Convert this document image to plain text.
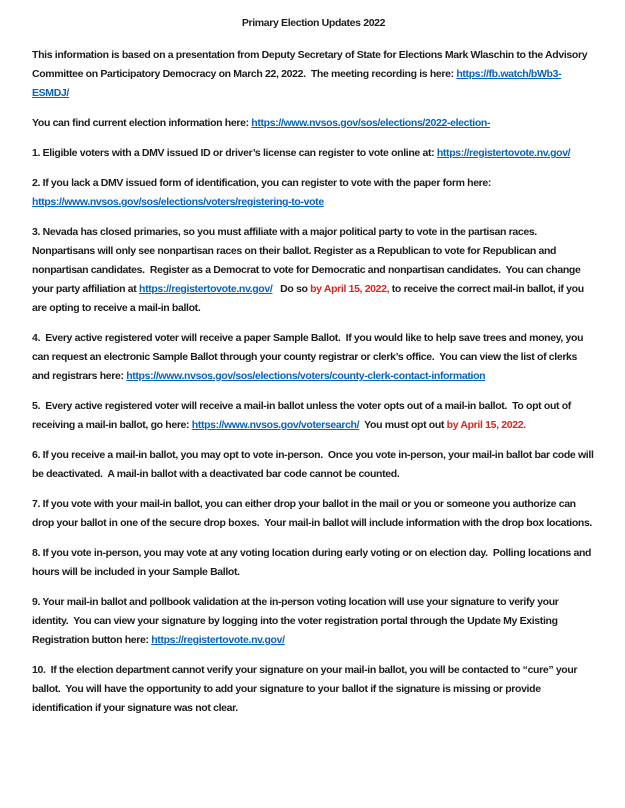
Primary Election Updates 2022

This information is based on a presentation from Deputy Secretary of State for Elections Mark Wlaschin to the Advisory Committee on Participatory Democracy on March 22, 2022.  The meeting recording is here: https://fb.watch/bWb3-ESMDJ/

You can find current election information here: https://www.nvsos.gov/sos/elections/2022-election-

1. Eligible voters with a DMV issued ID or driver’s license can register to vote online at: https://registertovote.nv.gov/

2. If you lack a DMV issued form of identification, you can register to vote with the paper form here: https://www.nvsos.gov/sos/elections/voters/registering-to-vote

3. Nevada has closed primaries, so you must affiliate with a major political party to vote in the partisan races. Nonpartisans will only see nonpartisan races on their ballot. Register as a Republican to vote for Republican and nonpartisan candidates.  Register as a Democrat to vote for Democratic and nonpartisan candidates.  You can change your party affiliation at https://registertovote.nv.gov/   Do so by April 15, 2022, to receive the correct mail-in ballot, if you are opting to receive a mail-in ballot.

4.  Every active registered voter will receive a paper Sample Ballot.  If you would like to help save trees and money, you can request an electronic Sample Ballot through your county registrar or clerk’s office.  You can view the list of clerks and registrars here: https://www.nvsos.gov/sos/elections/voters/county-clerk-contact-information

5.  Every active registered voter will receive a mail-in ballot unless the voter opts out of a mail-in ballot.  To opt out of receiving a mail-in ballot, go here: https://www.nvsos.gov/votersearch/  You must opt out by April 15, 2022.

6. If you receive a mail-in ballot, you may opt to vote in-person.  Once you vote in-person, your mail-in ballot bar code will be deactivated.  A mail-in ballot with a deactivated bar code cannot be counted.

7. If you vote with your mail-in ballot, you can either drop your ballot in the mail or you or someone you authorize can drop your ballot in one of the secure drop boxes.  Your mail-in ballot will include information with the drop box locations.

8. If you vote in-person, you may vote at any voting location during early voting or on election day.  Polling locations and hours will be included in your Sample Ballot.

9. Your mail-in ballot and pollbook validation at the in-person voting location will use your signature to verify your identity.  You can view your signature by logging into the voter registration portal through the Update My Existing Registration button here: https://registertovote.nv.gov/

10.  If the election department cannot verify your signature on your mail-in ballot, you will be contacted to “cure” your ballot.  You will have the opportunity to add your signature to your ballot if the signature is missing or provide identification if your signature was not clear.
